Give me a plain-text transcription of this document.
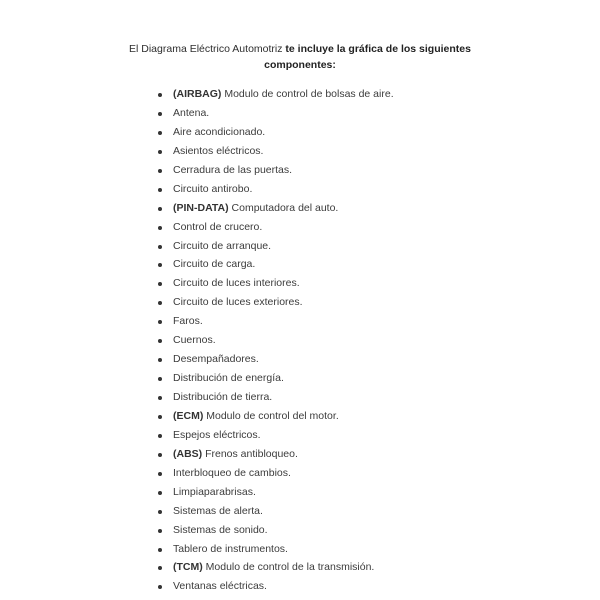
El Diagrama Eléctrico Automotriz te incluye la gráfica de los siguientes
componentes:
(AIRBAG) Modulo de control de bolsas de aire.
Antena.
Aire acondicionado.
Asientos eléctricos.
Cerradura de las puertas.
Circuito antirobo.
(PIN-DATA) Computadora del auto.
Control de crucero.
Circuito de arranque.
Circuito de carga.
Circuito de luces interiores.
Circuito de luces exteriores.
Faros.
Cuernos.
Desempañadores.
Distribución de energía.
Distribución de tierra.
(ECM) Modulo de control del motor.
Espejos eléctricos.
(ABS) Frenos antibloqueo.
Interbloqueo de cambios.
Limpiaparabrisas.
Sistemas de alerta.
Sistemas de sonido.
Tablero de instrumentos.
(TCM) Modulo de control de la transmisión.
Ventanas eléctricas.
